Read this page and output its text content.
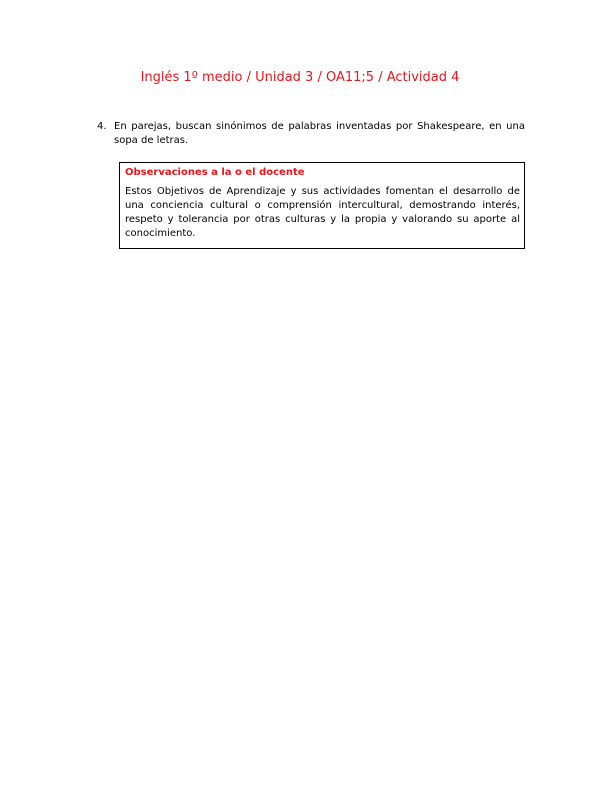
Inglés 1º medio / Unidad 3 / OA11;5 / Actividad 4
4. En parejas, buscan sinónimos de palabras inventadas por Shakespeare, en una sopa de letras.
Observaciones a la o el docente
Estos Objetivos de Aprendizaje y sus actividades fomentan el desarrollo de una conciencia cultural o comprensión intercultural, demostrando interés, respeto y tolerancia por otras culturas y la propia y valorando su aporte al conocimiento.
